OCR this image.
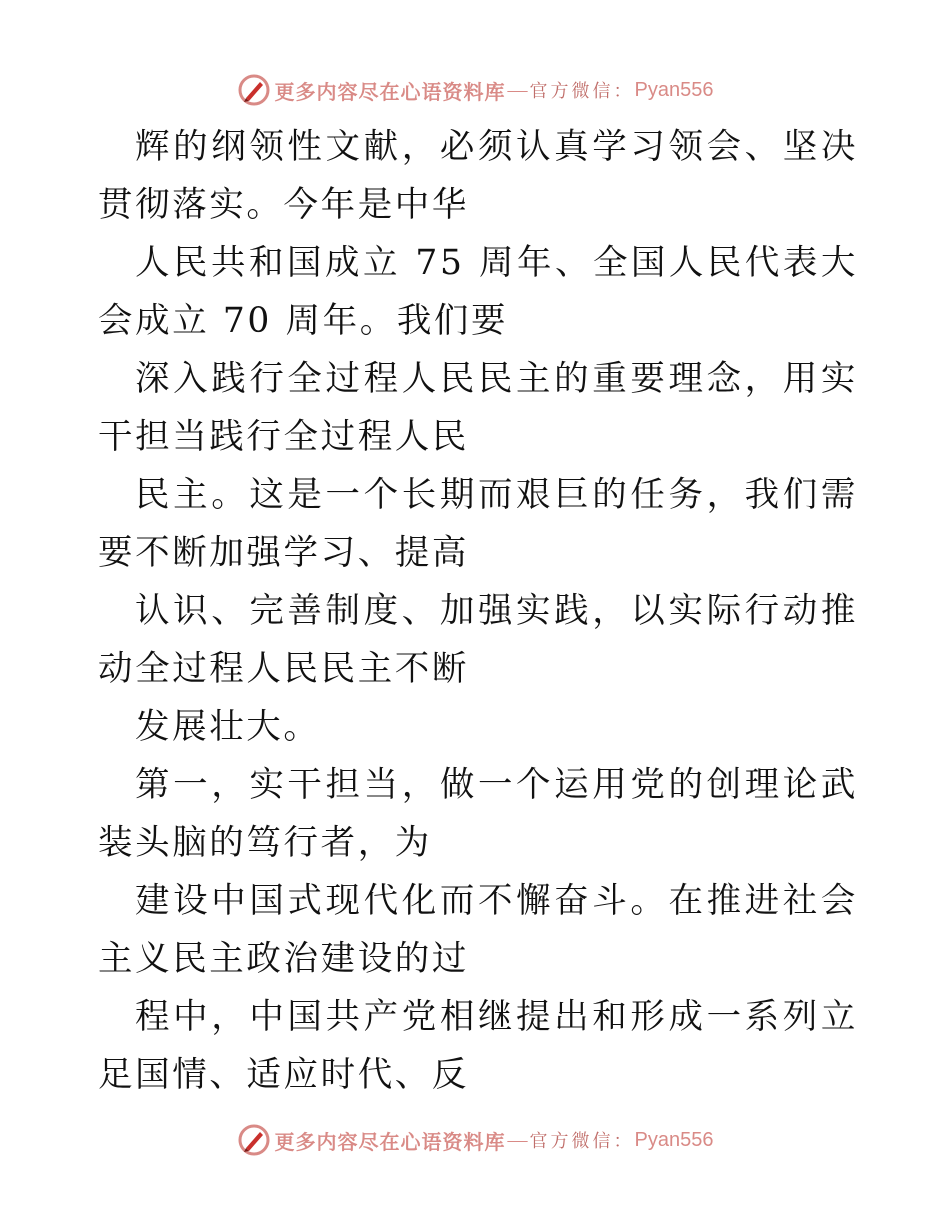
更多内容尽在心语资料库 — 官方微信： Pyan556

辉的纲领性文献，必须认真学习领会、坚决贯彻落实。今年是中华

人民共和国成立 75 周年、全国人民代表大会成立 70 周年。我们要

深入践行全过程人民民主的重要理念，用实干担当践行全过程人民

民主。这是一个长期而艰巨的任务，我们需要不断加强学习、提高

认识、完善制度、加强实践，以实际行动推动全过程人民民主不断

发展壮大。

第一，实干担当，做一个运用党的创理论武装头脑的笃行者，为

建设中国式现代化而不懈奋斗。在推进社会主义民主政治建设的过

程中，中国共产党相继提出和形成一系列立足国情、适应时代、反

更多内容尽在心语资料库 — 官方微信： Pyan556
